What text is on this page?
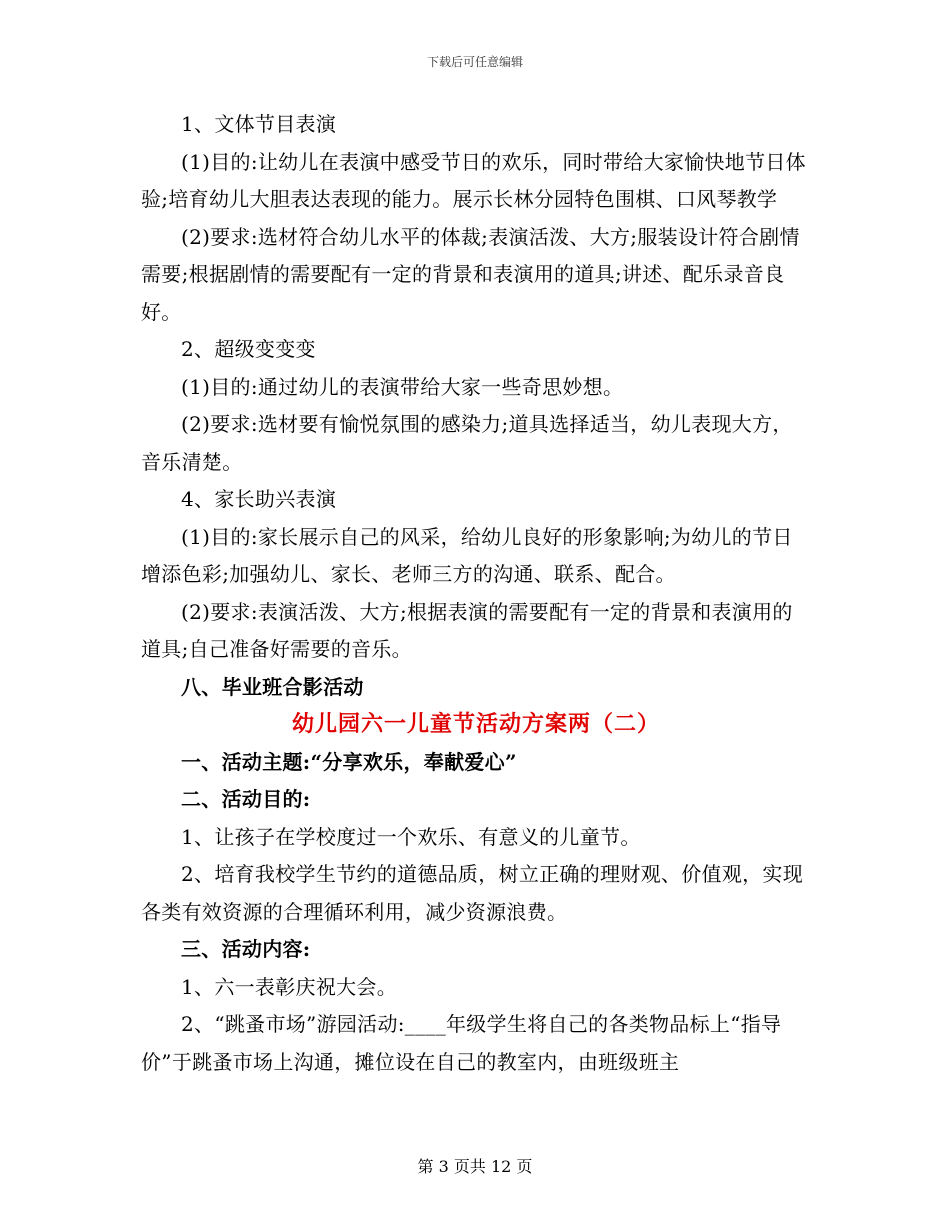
下载后可任意编辑

1、文体节目表演

(1)目的:让幼儿在表演中感受节日的欢乐，同时带给大家愉快地节日体验;培育幼儿大胆表达表现的能力。展示长林分园特色围棋、口风琴教学

(2)要求:选材符合幼儿水平的体裁;表演活泼、大方;服装设计符合剧情需要;根据剧情的需要配有一定的背景和表演用的道具;讲述、配乐录音良好。

2、超级变变变

(1)目的:通过幼儿的表演带给大家一些奇思妙想。

(2)要求:选材要有愉悦氛围的感染力;道具选择适当，幼儿表现大方，音乐清楚。

4、家长助兴表演

(1)目的:家长展示自己的风采，给幼儿良好的形象影响;为幼儿的节日增添色彩;加强幼儿、家长、老师三方的沟通、联系、配合。

(2)要求:表演活泼、大方;根据表演的需要配有一定的背景和表演用的道具;自己准备好需要的音乐。

八、毕业班合影活动

幼儿园六一儿童节活动方案两（二）

一、活动主题:“分享欢乐，奉献爱心”

二、活动目的:

1、让孩子在学校度过一个欢乐、有意义的儿童节。

2、培育我校学生节约的道德品质，树立正确的理财观、价值观，实现各类有效资源的合理循环利用，减少资源浪费。

三、活动内容:

1、六一表彰庆祝大会。

2、“跳蚤市场”游园活动:____年级学生将自己的各类物品标上“指导价”于跳蚤市场上沟通，摊位设在自己的教室内，由班级班主

第 3 页共 12 页
